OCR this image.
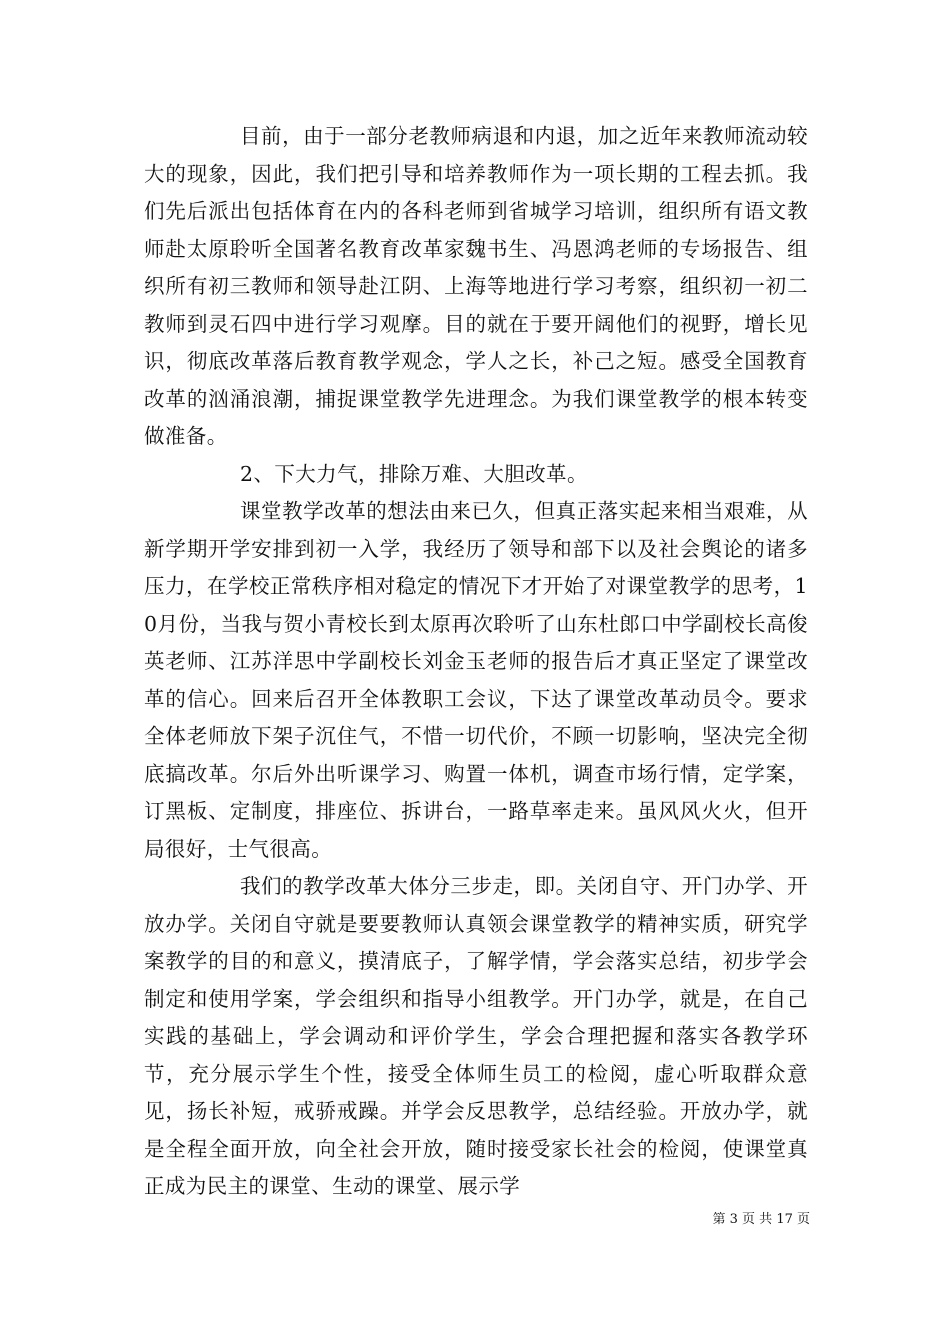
目前，由于一部分老教师病退和内退，加之近年来教师流动较大的现象，因此，我们把引导和培养教师作为一项长期的工程去抓。我们先后派出包括体育在内的各科老师到省城学习培训，组织所有语文教师赴太原聆听全国著名教育改革家魏书生、冯恩鸿老师的专场报告、组织所有初三教师和领导赴江阴、上海等地进行学习考察，组织初一初二教师到灵石四中进行学习观摩。目的就在于要开阔他们的视野，增长见识，彻底改革落后教育教学观念，学人之长，补己之短。感受全国教育改革的汹涌浪潮，捕捉课堂教学先进理念。为我们课堂教学的根本转变做准备。

2、下大力气，排除万难、大胆改革。

课堂教学改革的想法由来已久，但真正落实起来相当艰难，从新学期开学安排到初一入学，我经历了领导和部下以及社会舆论的诸多压力，在学校正常秩序相对稳定的情况下才开始了对课堂教学的思考，10月份，当我与贺小青校长到太原再次聆听了山东杜郎口中学副校长高俊英老师、江苏洋思中学副校长刘金玉老师的报告后才真正坚定了课堂改革的信心。回来后召开全体教职工会议，下达了课堂改革动员令。要求全体老师放下架子沉住气，不惜一切代价，不顾一切影响，坚决完全彻底搞改革。尔后外出听课学习、购置一体机，调查市场行情，定学案，订黑板、定制度，排座位、拆讲台，一路草率走来。虽风风火火，但开局很好，士气很高。

我们的教学改革大体分三步走，即。关闭自守、开门办学、开放办学。关闭自守就是要要教师认真领会课堂教学的精神实质，研究学案教学的目的和意义，摸清底子，了解学情，学会落实总结，初步学会制定和使用学案，学会组织和指导小组教学。开门办学，就是，在自己实践的基础上，学会调动和评价学生，学会合理把握和落实各教学环节，充分展示学生个性，接受全体师生员工的检阅，虚心听取群众意见，扬长补短，戒骄戒躁。并学会反思教学，总结经验。开放办学，就是全程全面开放，向全社会开放，随时接受家长社会的检阅，使课堂真正成为民主的课堂、生动的课堂、展示学

第 3 页 共 17 页
